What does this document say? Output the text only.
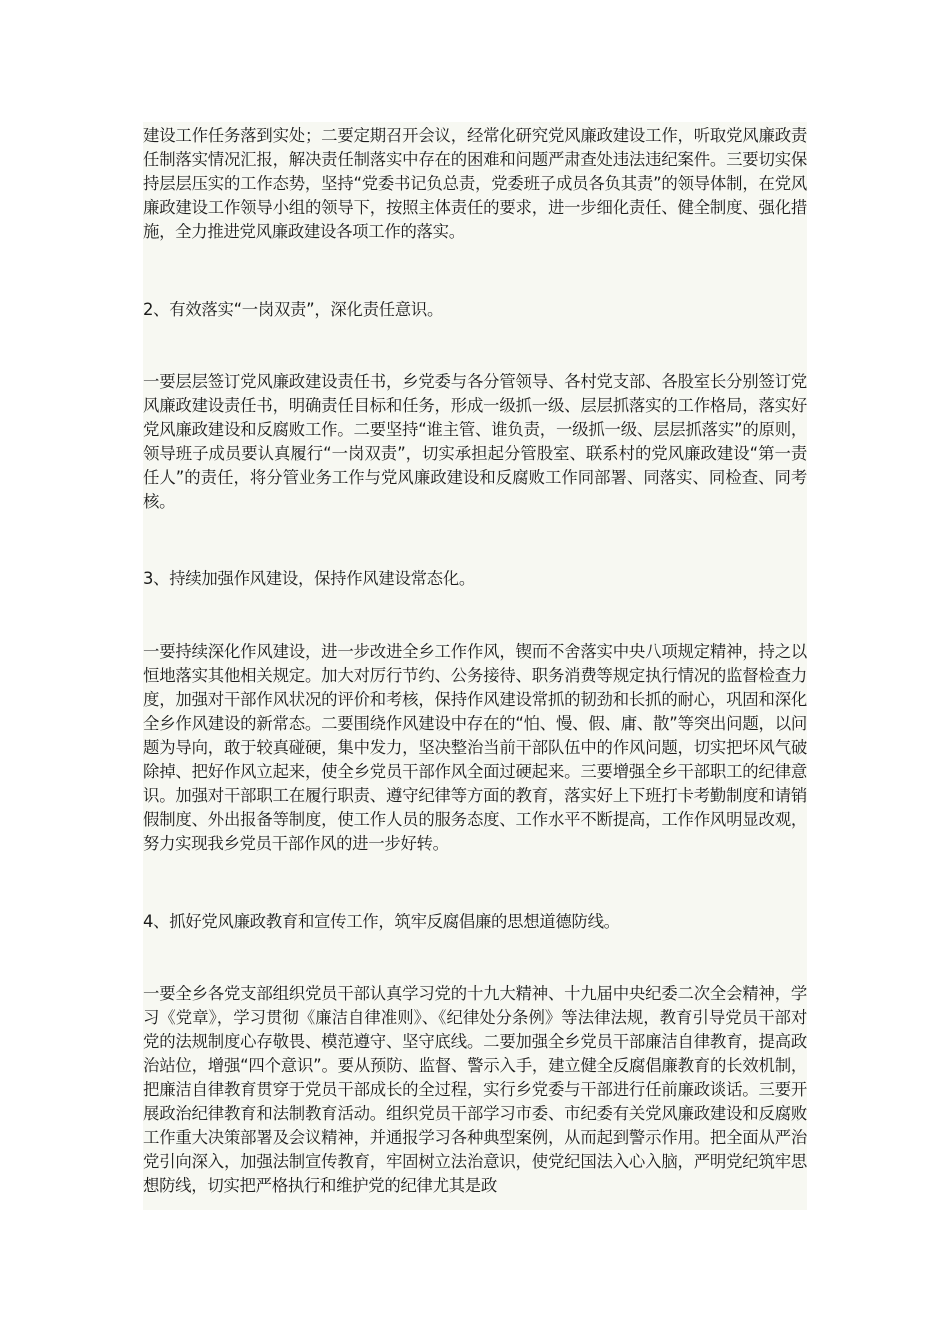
建设工作任务落到实处；二要定期召开会议，经常化研究党风廉政建设工作，听取党风廉政责任制落实情况汇报，解决责任制落实中存在的困难和问题严肃查处违法违纪案件。三要切实保持层层压实的工作态势，坚持“党委书记负总责，党委班子成员各负其责”的领导体制，在党风廉政建设工作领导小组的领导下，按照主体责任的要求，进一步细化责任、健全制度、强化措施，全力推进党风廉政建设各项工作的落实。

2、有效落实“一岗双责”，深化责任意识。

一要层层签订党风廉政建设责任书，乡党委与各分管领导、各村党支部、各股室长分别签订党风廉政建设责任书，明确责任目标和任务，形成一级抓一级、层层抓落实的工作格局，落实好党风廉政建设和反腐败工作。二要坚持“谁主管、谁负责，一级抓一级、层层抓落实”的原则，领导班子成员要认真履行“一岗双责”，切实承担起分管股室、联系村的党风廉政建设“第一责任人”的责任，将分管业务工作与党风廉政建设和反腐败工作同部署、同落实、同检查、同考核。

3、持续加强作风建设，保持作风建设常态化。

一要持续深化作风建设，进一步改进全乡工作作风，锲而不舍落实中央八项规定精神，持之以恒地落实其他相关规定。加大对厉行节约、公务接待、职务消费等规定执行情况的监督检查力度，加强对干部作风状况的评价和考核，保持作风建设常抓的韧劲和长抓的耐心，巩固和深化全乡作风建设的新常态。二要围绕作风建设中存在的“怕、慢、假、庸、散”等突出问题，以问题为导向，敢于较真碰硬，集中发力，坚决整治当前干部队伍中的作风问题，切实把坏风气破除掉、把好作风立起来，使全乡党员干部作风全面过硬起来。三要增强全乡干部职工的纪律意识。加强对干部职工在履行职责、遵守纪律等方面的教育，落实好上下班打卡考勤制度和请销假制度、外出报备等制度，使工作人员的服务态度、工作水平不断提高，工作作风明显改观，努力实现我乡党员干部作风的进一步好转。

4、抓好党风廉政教育和宣传工作，筑牢反腐倡廉的思想道德防线。

一要全乡各党支部组织党员干部认真学习党的十九大精神、十九届中央纪委二次全会精神，学习《党章》，学习贯彻《廉洁自律准则》、《纪律处分条例》等法律法规，教育引导党员干部对党的法规制度心存敬畏、模范遵守、坚守底线。二要加强全乡党员干部廉洁自律教育，提高政治站位，增强“四个意识”。要从预防、监督、警示入手，建立健全反腐倡廉教育的长效机制，把廉洁自律教育贯穿于党员干部成长的全过程，实行乡党委与干部进行任前廉政谈话。三要开展政治纪律教育和法制教育活动。组织党员干部学习市委、市纪委有关党风廉政建设和反腐败工作重大决策部署及会议精神，并通报学习各种典型案例，从而起到警示作用。把全面从严治党引向深入，加强法制宣传教育，牢固树立法治意识，使党纪国法入心入脑，严明党纪筑牢思想防线，切实把严格执行和维护党的纪律尤其是政
